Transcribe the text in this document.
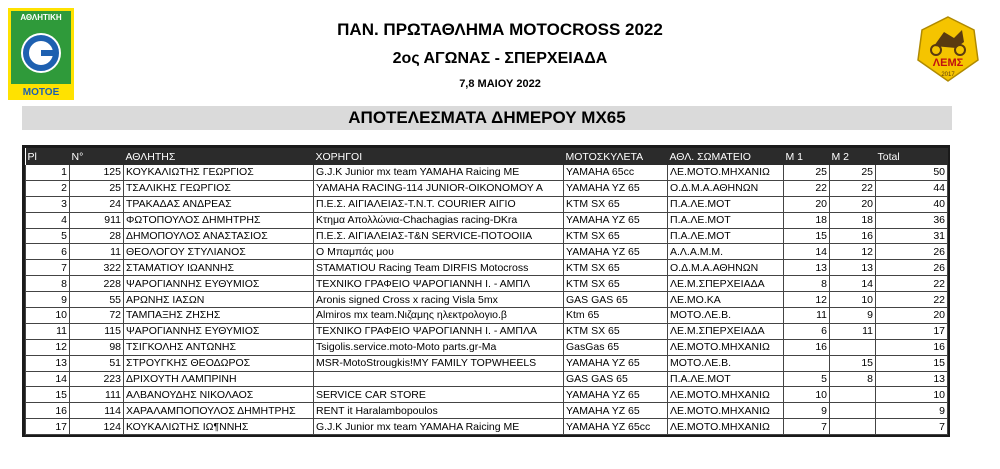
ΑΘΛΗΤΙΚΗ
ΜΟΤΟΕ
ΛΕΜΣ
2017
ΠΑΝ. ΠΡΩΤΑΘΛΗΜΑ MOTOCROSS 2022
2ος ΑΓΩΝΑΣ - ΣΠΕΡΧΕΙΑΔΑ
7,8 ΜΑΙΟΥ 2022
ΑΠΟΤΕΛΕΣΜΑΤΑ ΔΗΜΕΡΟΥ MX65
Pl	N°	ΑΘΛΗΤΗΣ	ΧΟΡΗΓΟΙ	ΜΟΤΟΣΚΥΛΕΤΑ	ΑΘΛ. ΣΩΜΑΤΕΙΟ	M 1	M 2	Total
1	125	ΚΟΥΚΑΛΙΩΤΗΣ ΓΕΩΡΓΙΟΣ	G.J.K Junior mx team YAMAHA Raicing ME	YAMAHA 65cc	ΛΕ.ΜΟΤΟ.ΜΗΧΑΝΙΩ	25	25	50
2	25	ΤΣΑΛΙΚΗΣ ΓΕΩΡΓΙΟΣ	YAMAHA RACING-114 JUNIOR-ΟΙΚΟΝΟΜΟΥ Α	YAMAHA YZ 65	Ο.Δ.Μ.Α.ΑΘΗΝΩΝ	22	22	44
3	24	ΤΡΑΚΑΔΑΣ ΑΝΔΡΕΑΣ	Π.Ε.Σ. ΑΙΓΙΑΛΕΙΑΣ-Τ.Ν.Τ. COURIER ΑΙΓΙΟ	KTM SX 65	Π.Α.ΛΕ.ΜΟΤ	20	20	40
4	911	ΦΩΤΟΠΟΥΛΟΣ ΔΗΜΗΤΡΗΣ	Κτημα Απολλώνια-Chachagias racing-DKra	YAMAHA YZ 65	Π.Α.ΛΕ.ΜΟΤ	18	18	36
5	28	ΔΗΜΟΠΟΥΛΟΣ ΑΝΑΣΤΑΣΙΟΣ	Π.Ε.Σ. ΑΙΓΙΑΛΕΙΑΣ-T&N SERVICE-ΠΟΤΟΟΙΙΑ	KTM SX 65	Π.Α.ΛΕ.ΜΟΤ	15	16	31
6	11	ΘΕΟΛΟΓΟΥ ΣΤΥΛΙΑΝΟΣ	Ο Μπαμπάς μου	YAMAHA YZ 65	Α.Λ.Α.Μ.Μ.	14	12	26
7	322	ΣΤΑΜΑΤΙΟΥ ΙΩΑΝΝΗΣ	STAMATIOU Racing Team DIRFIS Motocross	KTM SX 65	Ο.Δ.Μ.Α.ΑΘΗΝΩΝ	13	13	26
8	228	ΨΑΡΟΓΙΑΝΝΗΣ ΕΥΘΥΜΙΟΣ	ΤΕΧΝΙΚΟ ΓΡΑΦΕΙΟ ΨΑΡΟΓΙΑΝΝΗ Ι. - ΑΜΠΛ	KTM SX 65	ΛΕ.Μ.ΣΠΕΡΧΕΙΑΔΑ	8	14	22
9	55	ΑΡΩΝΗΣ ΙΑΣΩΝ	Aronis signed Cross x racing Visla 5mx	GAS GAS 65	ΛΕ.ΜΟ.ΚΑ	12	10	22
10	72	ΤΑΜΠΑΞΗΣ ΖΗΣΗΣ	Almiros mx team.Νιζαμης ηλεκτρολογιο.β	Ktm 65	ΜΟΤΟ.ΛΕ.Β.	11	9	20
11	115	ΨΑΡΟΓΙΑΝΝΗΣ ΕΥΘΥΜΙΟΣ	ΤΕΧΝΙΚΟ ΓΡΑΦΕΙΟ ΨΑΡΟΓΙΑΝΝΗ Ι. - ΑΜΠΛΑ	KTM SX 65	ΛΕ.Μ.ΣΠΕΡΧΕΙΑΔΑ	6	11	17
12	98	ΤΣΙΓΚΟΛΗΣ ΑΝΤΩΝΗΣ	Tsigolis.service.moto-Moto parts.gr-Ma	GasGas 65	ΛΕ.ΜΟΤΟ.ΜΗΧΑΝΙΩ	16		16
13	51	ΣΤΡΟΥΓΚΗΣ ΘΕΟΔΩΡΟΣ	MSR-MotoStrougkis!MY FAMILY TOPWHEELS	YAMAHA YZ 65	ΜΟΤΟ.ΛΕ.Β.		15	15
14	223	ΔΡΙΧΟΥΤΗ ΛΑΜΠΡΙΝΗ		GAS GAS 65	Π.Α.ΛΕ.ΜΟΤ	5	8	13
15	111	ΑΛΒΑΝΟΥΔΗΣ ΝΙΚΟΛΑΟΣ	SERVICE CAR STORE	YAMAHA YZ 65	ΛΕ.ΜΟΤΟ.ΜΗΧΑΝΙΩ	10		10
16	114	ΧΑΡΑΛΑΜΠΟΠΟΥΛΟΣ ΔΗΜΗΤΡΗΣ	RENT it Haralambopoulos	YAMAHA YZ 65	ΛΕ.ΜΟΤΟ.ΜΗΧΑΝΙΩ	9		9
17	124	ΚΟΥΚΑΛΙΩΤΗΣ ΙΩ¶ΝΝΗΣ	G.J.K Junior mx team YAMAHA Raicing ME	YAMAHA YZ 65cc	ΛΕ.ΜΟΤΟ.ΜΗΧΑΝΙΩ	7		7
